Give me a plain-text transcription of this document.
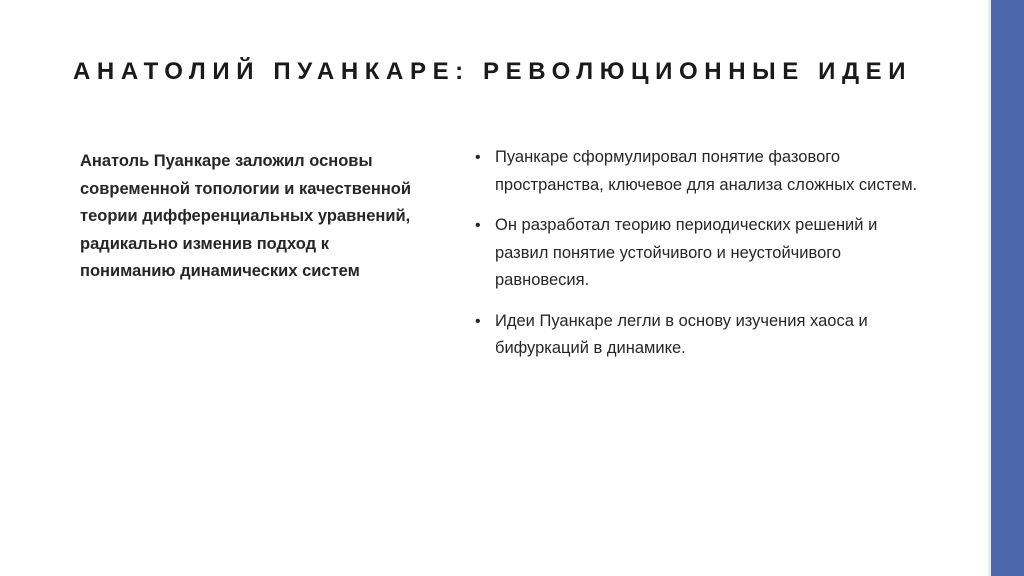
АНАТОЛИЙ ПУАНКАРЕ: РЕВОЛЮЦИОННЫЕ ИДЕИ

Анатоль Пуанкаре заложил основы современной топологии и качественной теории дифференциальных уравнений, радикально изменив подход к пониманию динамических систем

• Пуанкаре сформулировал понятие фазового пространства, ключевое для анализа сложных систем.
• Он разработал теорию периодических решений и развил понятие устойчивого и неустойчивого равновесия.
• Идеи Пуанкаре легли в основу изучения хаоса и бифуркаций в динамике.
